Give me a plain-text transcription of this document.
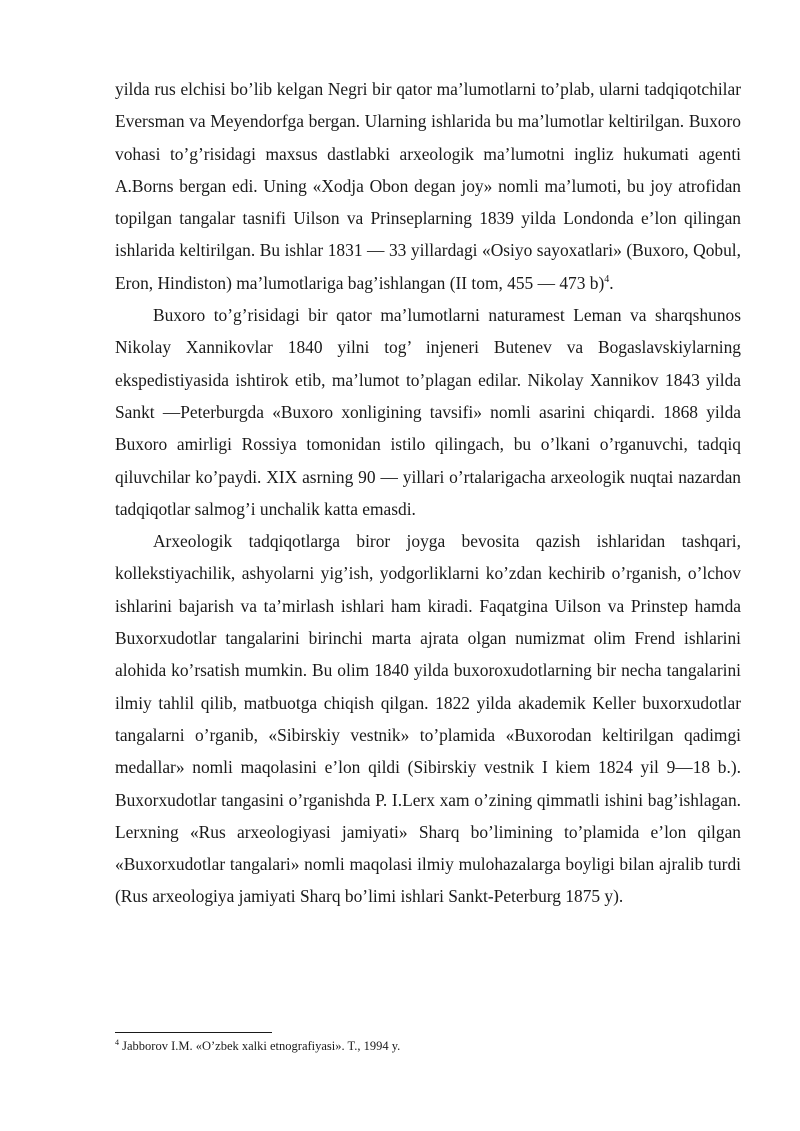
yilda rus elchisi bo’lib kelgan Negri bir qator ma’lumotlarni to’plab, ularni tadqiqotchilar Eversman va Meyendorfga bergan. Ularning ishlarida bu ma’lumotlar keltirilgan. Buxoro vohasi to’g’risidagi maxsus dastlabki arxeologik ma’lumotni ingliz hukumati agenti A.Borns bergan edi. Uning «Xodja Obon degan joy» nomli ma’lumoti, bu joy atrofidan topilgan tangalar tasnifi Uilson va Prinseplarning 1839 yilda Londonda e’lon qilingan ishlarida keltirilgan. Bu ishlar 1831 — 33 yillardagi «Osiyo sayoxatlari» (Buxoro, Qobul, Eron, Hindiston) ma’lumotlariga bag’ishlangan (II tom, 455 — 473 b)$^4$.

Buxoro to’g’risidagi bir qator ma’lumotlarni naturamest Leman va sharqshunos Nikolay Xannikovlar 1840 yilni tog’ injeneri Butenev va Bogaslavskiylarning ekspedistiyasida ishtirok etib, ma’lumot to’plagan edilar. Nikolay Xannikov 1843 yilda Sankt —Peterburgda «Buxoro xonligining tavsifi» nomli asarini chiqardi. 1868 yilda Buxoro amirligi Rossiya tomonidan istilo qilingach, bu o’lkani o’rganuvchi, tadqiq qiluvchilar ko’paydi. XIX asrning 90 — yillari o’rtalarigacha arxeologik nuqtai nazardan tadqiqotlar salmog’i unchalik katta emasdi.

Arxeologik tadqiqotlarga biror joyga bevosita qazish ishlaridan tashqari, kollekstiyachilik, ashyolarni yig’ish, yodgorliklarni ko’zdan kechirib o’rganish, o’lchov ishlarini bajarish va ta’mirlash ishlari ham kiradi. Faqatgina Uilson va Prinstep hamda Buxorxudotlar tangalarini birinchi marta ajrata olgan numizmat olim Frend ishlarini alohida ko’rsatish mumkin. Bu olim 1840 yilda buxoroxudotlarning bir necha tangalarini ilmiy tahlil qilib, matbuotga chiqish qilgan. 1822 yilda akademik Keller buxorxudotlar tangalarni o’rganib, «Sibirskiy vestnik» to’plamida «Buxorodan keltirilgan qadimgi medallar» nomli maqolasini e’lon qildi (Sibirskiy vestnik I kiem 1824 yil 9—18 b.). Buxorxudotlar tangasini o’rganishda P. I.Lerx xam o’zining qimmatli ishini bag’ishlagan. Lerxning «Rus arxeologiyasi jamiyati» Sharq bo’limining to’plamida e’lon qilgan «Buxorxudotlar tangalari» nomli maqolasi ilmiy mulohazalarga boyligi bilan ajralib turdi (Rus arxeologiya jamiyati Sharq bo’limi ishlari Sankt-Peterburg 1875 y).

$^4$ Jabborov I.M. «O’zbek xalki etnografiyasi». T., 1994 y.
